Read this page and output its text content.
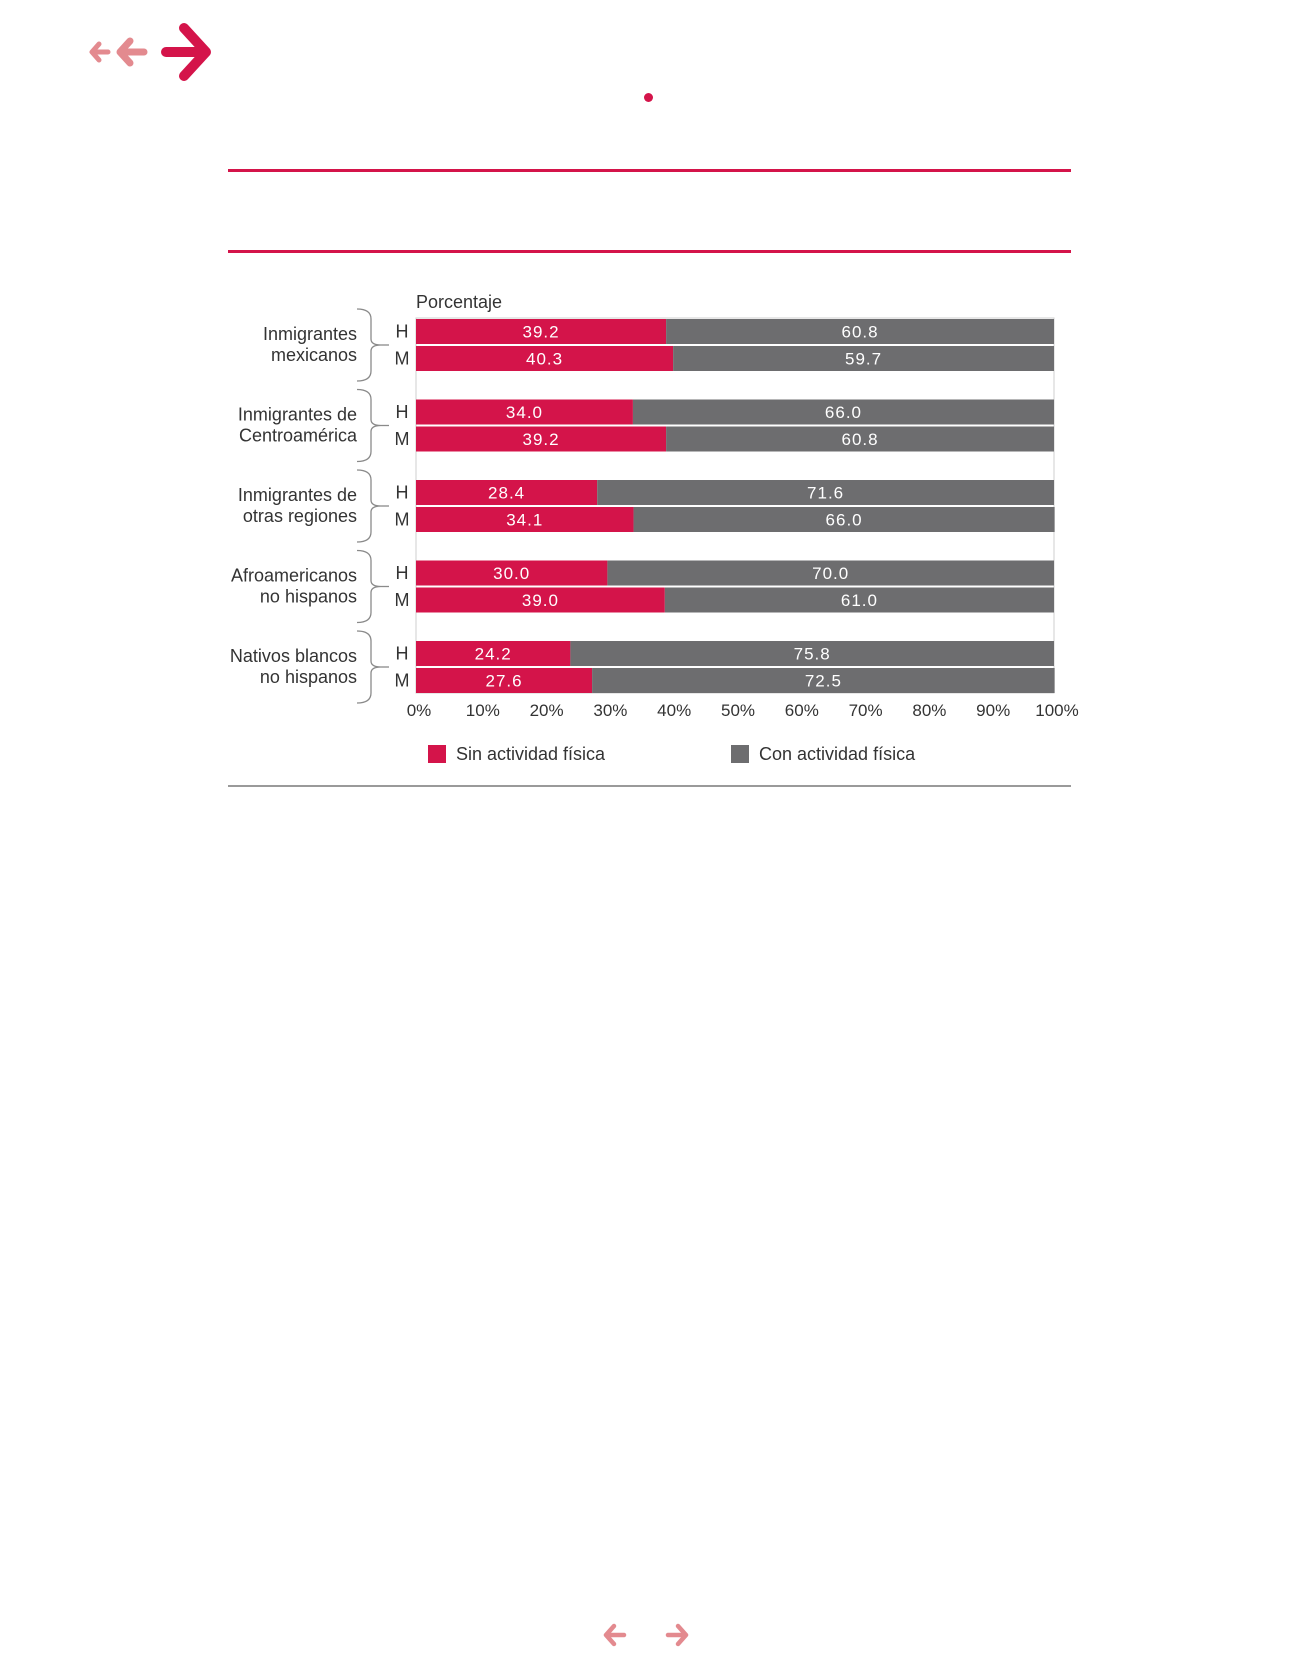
Porcentaje
Inmigrantes
mexicanos
H	39.2	60.8
M	40.3	59.7
Inmigrantes de
Centroamérica
H	34.0	66.0
M	39.2	60.8
Inmigrantes de
otras regiones
H	28.4	71.6
M	34.1	66.0
Afroamericanos
no hispanos
H	30.0	70.0
M	39.0	61.0
Nativos blancos
no hispanos
H	24.2	75.8
M	27.6	72.5
0% 10% 20% 30% 40% 50% 60% 70% 80% 90% 100%
Sin actividad física	Con actividad física
